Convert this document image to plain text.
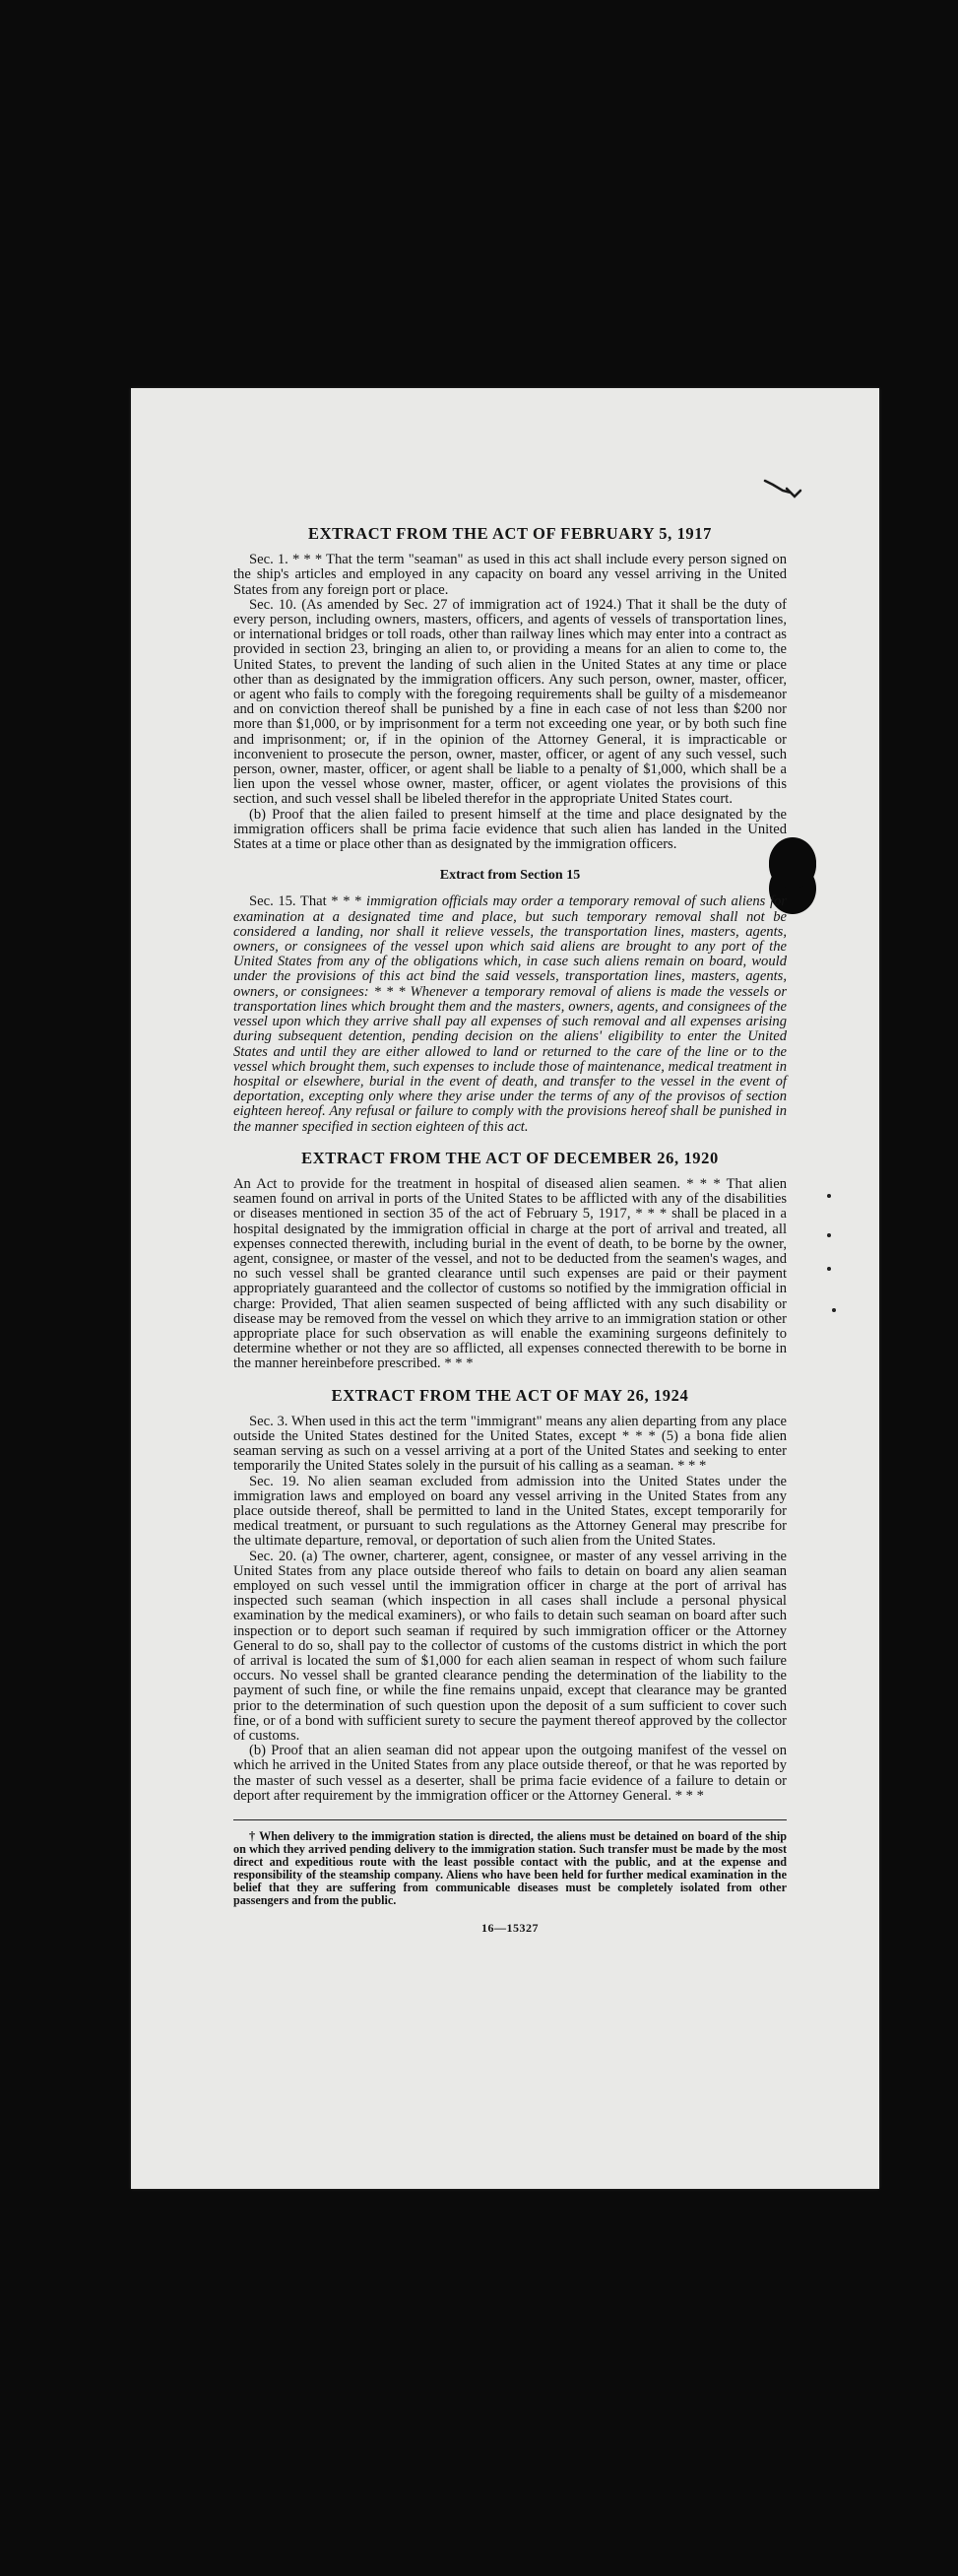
EXTRACT FROM THE ACT OF FEBRUARY 5, 1917

Sec. 1. * * * That the term "seaman" as used in this act shall include every person signed on the ship's articles and employed in any capacity on board any vessel arriving in the United States from any foreign port or place.

Sec. 10. (As amended by Sec. 27 of immigration act of 1924.) That it shall be the duty of every person, including owners, masters, officers, and agents of vessels of transportation lines, or international bridges or toll roads, other than railway lines which may enter into a contract as provided in section 23, bringing an alien to, or providing a means for an alien to come to, the United States, to prevent the landing of such alien in the United States at any time or place other than as designated by the immigration officers. Any such person, owner, master, officer, or agent who fails to comply with the foregoing requirements shall be guilty of a misdemeanor and on conviction thereof shall be punished by a fine in each case of not less than $200 nor more than $1,000, or by imprisonment for a term not exceeding one year, or by both such fine and imprisonment; or, if in the opinion of the Attorney General, it is impracticable or inconvenient to prosecute the person, owner, master, officer, or agent of any such vessel, such person, owner, master, officer, or agent shall be liable to a penalty of $1,000, which shall be a lien upon the vessel whose owner, master, officer, or agent violates the provisions of this section, and such vessel shall be libeled therefor in the appropriate United States court.

(b) Proof that the alien failed to present himself at the time and place designated by the immigration officers shall be prima facie evidence that such alien has landed in the United States at a time or place other than as designated by the immigration officers.

Extract from Section 15

Sec. 15. That * * * immigration officials may order a temporary removal of such aliens for examination at a designated time and place, but such temporary removal shall not be considered a landing, nor shall it relieve vessels, the transportation lines, masters, agents, owners, or consignees of the vessel upon which said aliens are brought to any port of the United States from any of the obligations which, in case such aliens remain on board, would under the provisions of this act bind the said vessels, transportation lines, masters, agents, owners, or consignees: * * * Whenever a temporary removal of aliens is made the vessels or transportation lines which brought them and the masters, owners, agents, and consignees of the vessel upon which they arrive shall pay all expenses of such removal and all expenses arising during subsequent detention, pending decision on the aliens' eligibility to enter the United States and until they are either allowed to land or returned to the care of the line or to the vessel which brought them, such expenses to include those of maintenance, medical treatment in hospital or elsewhere, burial in the event of death, and transfer to the vessel in the event of deportation, excepting only where they arise under the terms of any of the provisos of section eighteen hereof. Any refusal or failure to comply with the provisions hereof shall be punished in the manner specified in section eighteen of this act.

EXTRACT FROM THE ACT OF DECEMBER 26, 1920

An Act to provide for the treatment in hospital of diseased alien seamen. * * * That alien seamen found on arrival in ports of the United States to be afflicted with any of the disabilities or diseases mentioned in section 35 of the act of February 5, 1917, * * * shall be placed in a hospital designated by the immigration official in charge at the port of arrival and treated, all expenses connected therewith, including burial in the event of death, to be borne by the owner, agent, consignee, or master of the vessel, and not to be deducted from the seamen's wages, and no such vessel shall be granted clearance until such expenses are paid or their payment appropriately guaranteed and the collector of customs so notified by the immigration official in charge: Provided, That alien seamen suspected of being afflicted with any such disability or disease may be removed from the vessel on which they arrive to an immigration station or other appropriate place for such observation as will enable the examining surgeons definitely to determine whether or not they are so afflicted, all expenses connected therewith to be borne in the manner hereinbefore prescribed. * * *

EXTRACT FROM THE ACT OF MAY 26, 1924

Sec. 3. When used in this act the term "immigrant" means any alien departing from any place outside the United States destined for the United States, except * * * (5) a bona fide alien seaman serving as such on a vessel arriving at a port of the United States and seeking to enter temporarily the United States solely in the pursuit of his calling as a seaman. * * *

Sec. 19. No alien seaman excluded from admission into the United States under the immigration laws and employed on board any vessel arriving in the United States from any place outside thereof, shall be permitted to land in the United States, except temporarily for medical treatment, or pursuant to such regulations as the Attorney General may prescribe for the ultimate departure, removal, or deportation of such alien from the United States.

Sec. 20. (a) The owner, charterer, agent, consignee, or master of any vessel arriving in the United States from any place outside thereof who fails to detain on board any alien seaman employed on such vessel until the immigration officer in charge at the port of arrival has inspected such seaman (which inspection in all cases shall include a personal physical examination by the medical examiners), or who fails to detain such seaman on board after such inspection or to deport such seaman if required by such immigration officer or the Attorney General to do so, shall pay to the collector of customs of the customs district in which the port of arrival is located the sum of $1,000 for each alien seaman in respect of whom such failure occurs. No vessel shall be granted clearance pending the determination of the liability to the payment of such fine, or while the fine remains unpaid, except that clearance may be granted prior to the determination of such question upon the deposit of a sum sufficient to cover such fine, or of a bond with sufficient surety to secure the payment thereof approved by the collector of customs.

(b) Proof that an alien seaman did not appear upon the outgoing manifest of the vessel on which he arrived in the United States from any place outside thereof, or that he was reported by the master of such vessel as a deserter, shall be prima facie evidence of a failure to detain or deport after requirement by the immigration officer or the Attorney General. * * *

† When delivery to the immigration station is directed, the aliens must be detained on board of the ship on which they arrived pending delivery to the immigration station. Such transfer must be made by the most direct and expeditious route with the least possible contact with the public, and at the expense and responsibility of the steamship company. Aliens who have been held for further medical examination in the belief that they are suffering from communicable diseases must be completely isolated from other passengers and from the public.

16—15327
